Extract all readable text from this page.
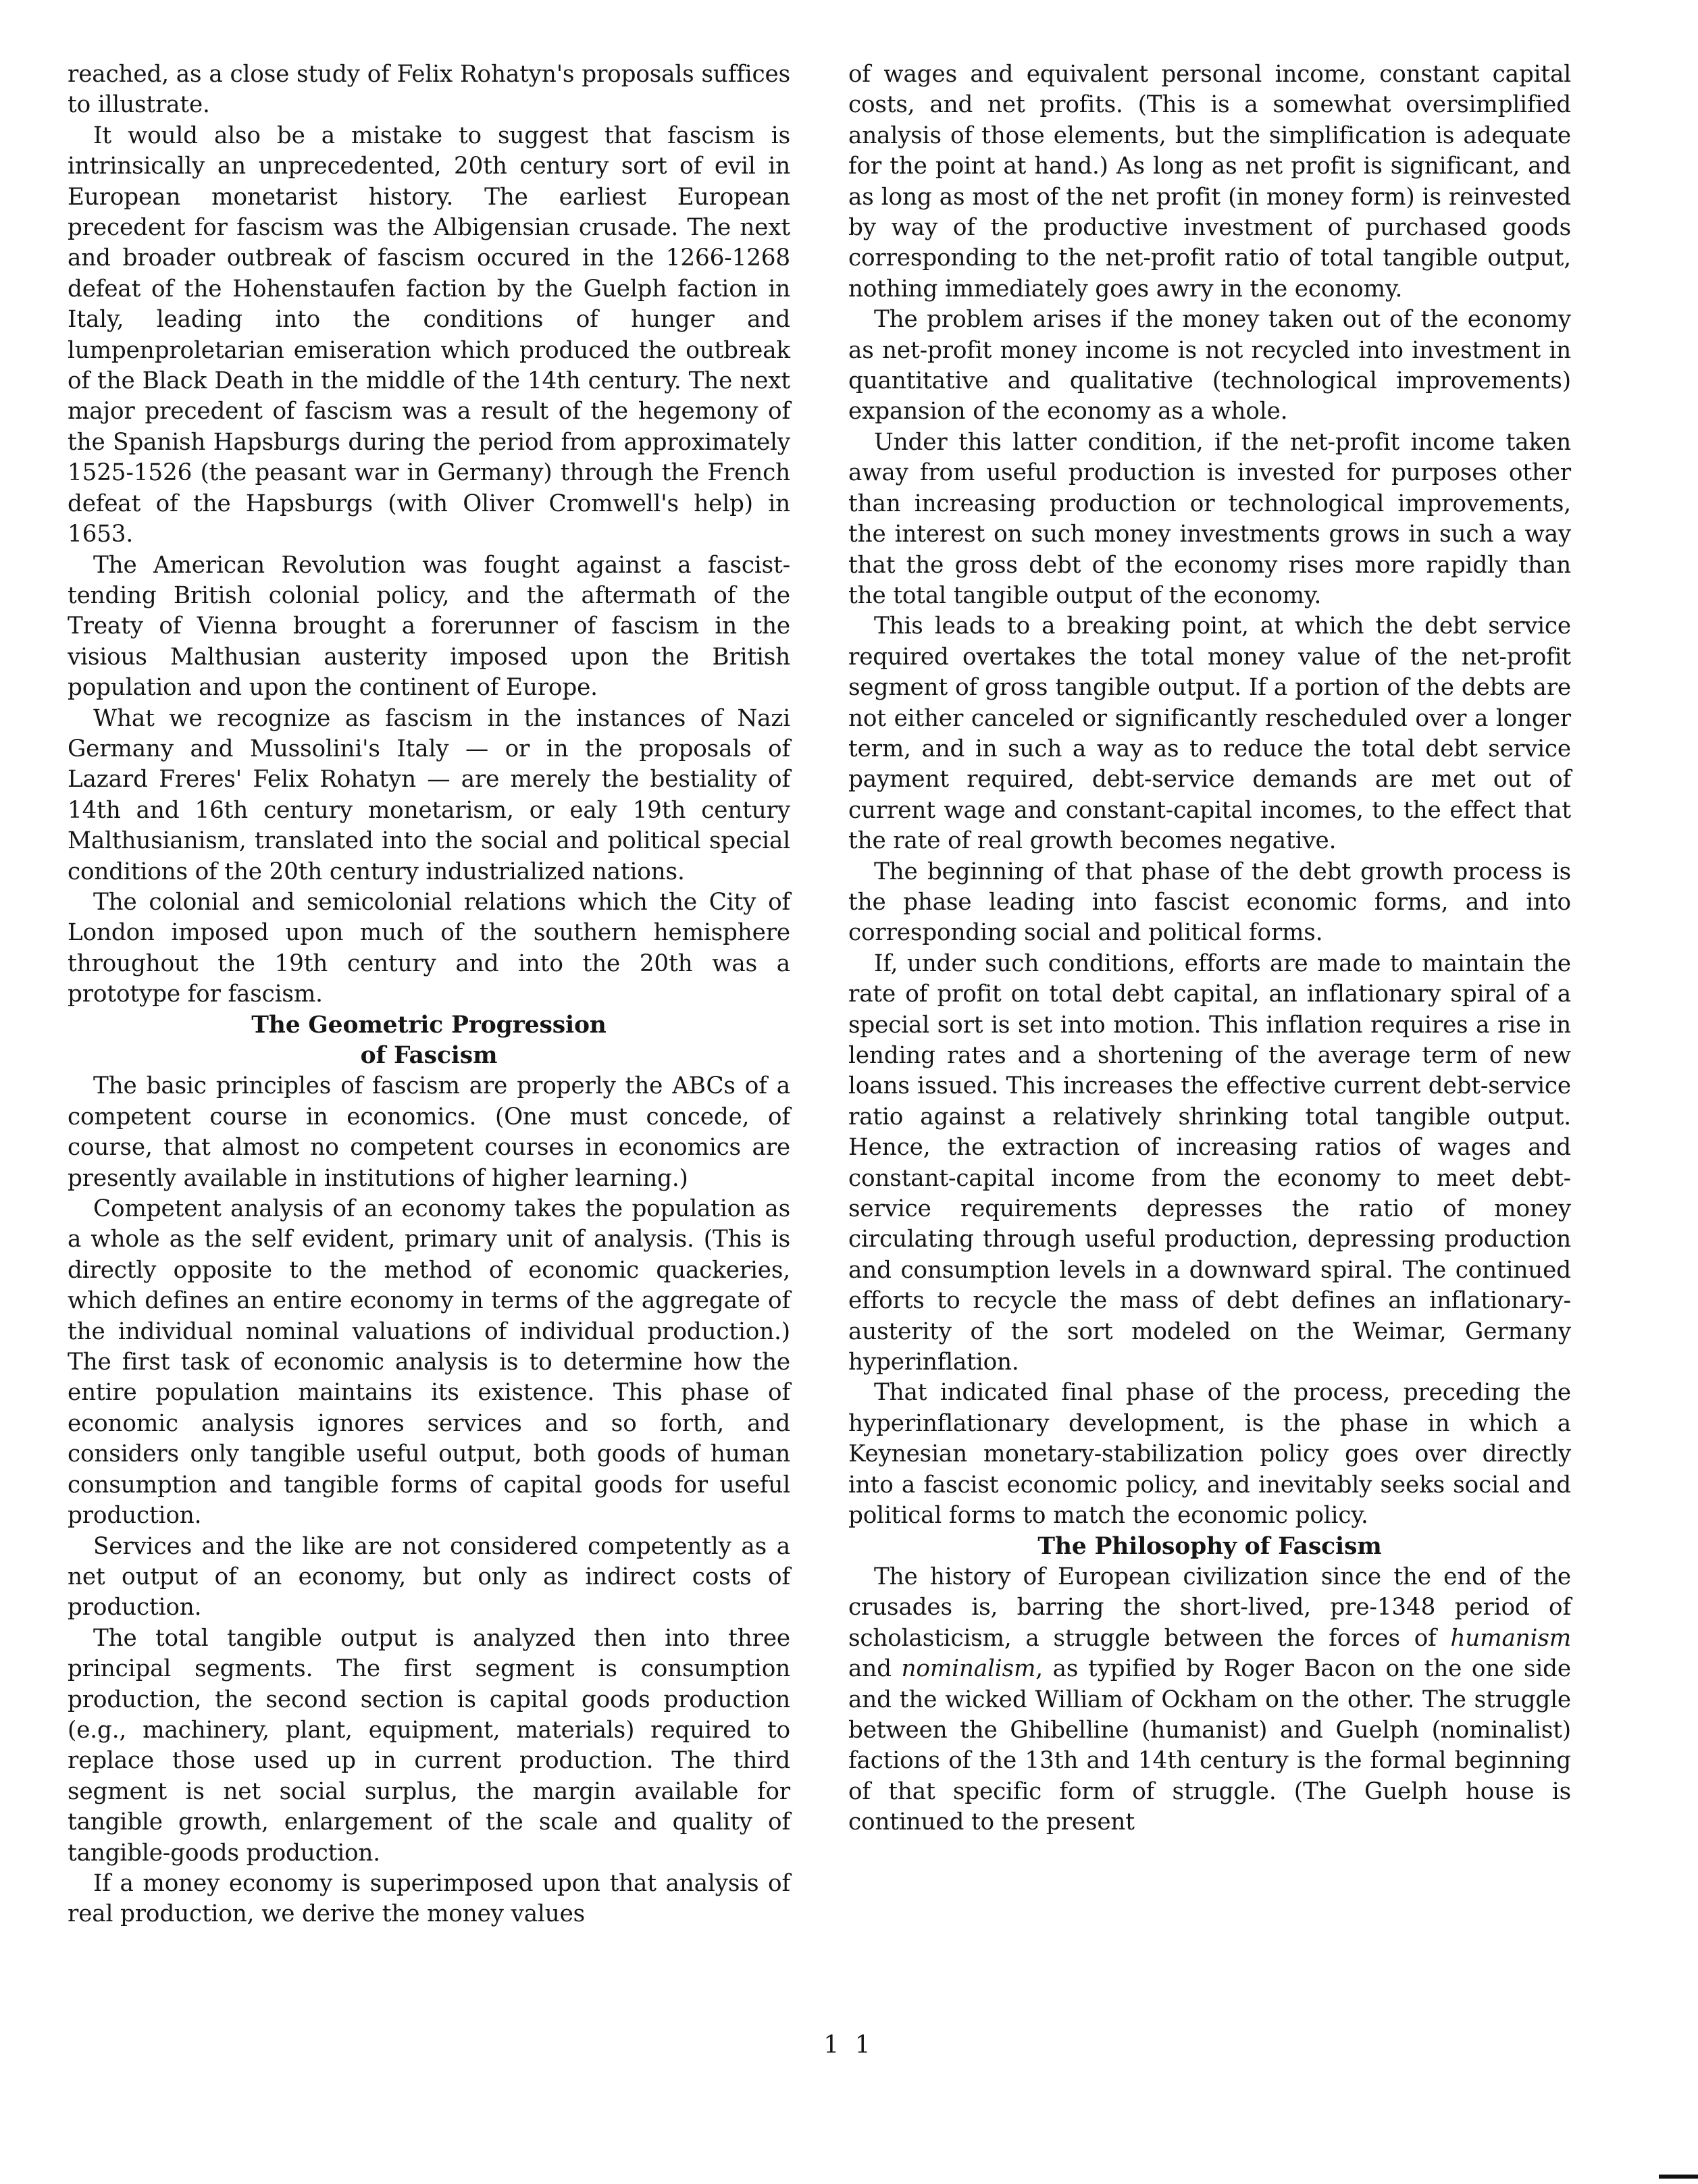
reached, as a close study of Felix Rohatyn's proposals suffices to illustrate.

It would also be a mistake to suggest that fascism is intrinsically an unprecedented, 20th century sort of evil in European monetarist history. The earliest European precedent for fascism was the Albigensian crusade. The next and broader outbreak of fascism occured in the 1266-1268 defeat of the Hohenstaufen faction by the Guelph faction in Italy, leading into the conditions of hunger and lumpenproletarian emiseration which produced the outbreak of the Black Death in the middle of the 14th century. The next major precedent of fascism was a result of the hegemony of the Spanish Hapsburgs during the period from approximately 1525-1526 (the peasant war in Germany) through the French defeat of the Hapsburgs (with Oliver Cromwell's help) in 1653.

The American Revolution was fought against a fascist-tending British colonial policy, and the aftermath of the Treaty of Vienna brought a forerunner of fascism in the visious Malthusian austerity imposed upon the British population and upon the continent of Europe.

What we recognize as fascism in the instances of Nazi Germany and Mussolini's Italy — or in the proposals of Lazard Freres' Felix Rohatyn — are merely the bestiality of 14th and 16th century monetarism, or ealy 19th century Malthusianism, translated into the social and political special conditions of the 20th century industrialized nations.

The colonial and semicolonial relations which the City of London imposed upon much of the southern hemisphere throughout the 19th century and into the 20th was a prototype for fascism.

The Geometric Progression
of Fascism

The basic principles of fascism are properly the ABCs of a competent course in economics. (One must concede, of course, that almost no competent courses in economics are presently available in institutions of higher learning.)

Competent analysis of an economy takes the population as a whole as the self evident, primary unit of analysis. (This is directly opposite to the method of economic quackeries, which defines an entire economy in terms of the aggregate of the individual nominal valuations of individual production.) The first task of economic analysis is to determine how the entire population maintains its existence. This phase of economic analysis ignores services and so forth, and considers only tangible useful output, both goods of human consumption and tangible forms of capital goods for useful production.

Services and the like are not considered competently as a net output of an economy, but only as indirect costs of production.

The total tangible output is analyzed then into three principal segments. The first segment is consumption production, the second section is capital goods production (e.g., machinery, plant, equipment, materials) required to replace those used up in current production. The third segment is net social surplus, the margin available for tangible growth, enlargement of the scale and quality of tangible-goods production.

If a money economy is superimposed upon that analysis of real production, we derive the money values

of wages and equivalent personal income, constant capital costs, and net profits. (This is a somewhat oversimplified analysis of those elements, but the simplification is adequate for the point at hand.) As long as net profit is significant, and as long as most of the net profit (in money form) is reinvested by way of the productive investment of purchased goods corresponding to the net-profit ratio of total tangible output, nothing immediately goes awry in the economy.

The problem arises if the money taken out of the economy as net-profit money income is not recycled into investment in quantitative and qualitative (technological improvements) expansion of the economy as a whole.

Under this latter condition, if the net-profit income taken away from useful production is invested for purposes other than increasing production or technological improvements, the interest on such money investments grows in such a way that the gross debt of the economy rises more rapidly than the total tangible output of the economy.

This leads to a breaking point, at which the debt service required overtakes the total money value of the net-profit segment of gross tangible output. If a portion of the debts are not either canceled or significantly rescheduled over a longer term, and in such a way as to reduce the total debt service payment required, debt-service demands are met out of current wage and constant-capital incomes, to the effect that the rate of real growth becomes negative.

The beginning of that phase of the debt growth process is the phase leading into fascist economic forms, and into corresponding social and political forms.

If, under such conditions, efforts are made to maintain the rate of profit on total debt capital, an inflationary spiral of a special sort is set into motion. This inflation requires a rise in lending rates and a shortening of the average term of new loans issued. This increases the effective current debt-service ratio against a relatively shrinking total tangible output. Hence, the extraction of increasing ratios of wages and constant-capital income from the economy to meet debt-service requirements depresses the ratio of money circulating through useful production, depressing production and consumption levels in a downward spiral. The continued efforts to recycle the mass of debt defines an inflationary-austerity of the sort modeled on the Weimar, Germany hyperinflation.

That indicated final phase of the process, preceding the hyperinflationary development, is the phase in which a Keynesian monetary-stabilization policy goes over directly into a fascist economic policy, and inevitably seeks social and political forms to match the economic policy.

The Philosophy of Fascism

The history of European civilization since the end of the crusades is, barring the short-lived, pre-1348 period of scholasticism, a struggle between the forces of humanism and nominalism, as typified by Roger Bacon on the one side and the wicked William of Ockham on the other. The struggle between the Ghibelline (humanist) and Guelph (nominalist) factions of the 13th and 14th century is the formal beginning of that specific form of struggle. (The Guelph house is continued to the present

1 1
